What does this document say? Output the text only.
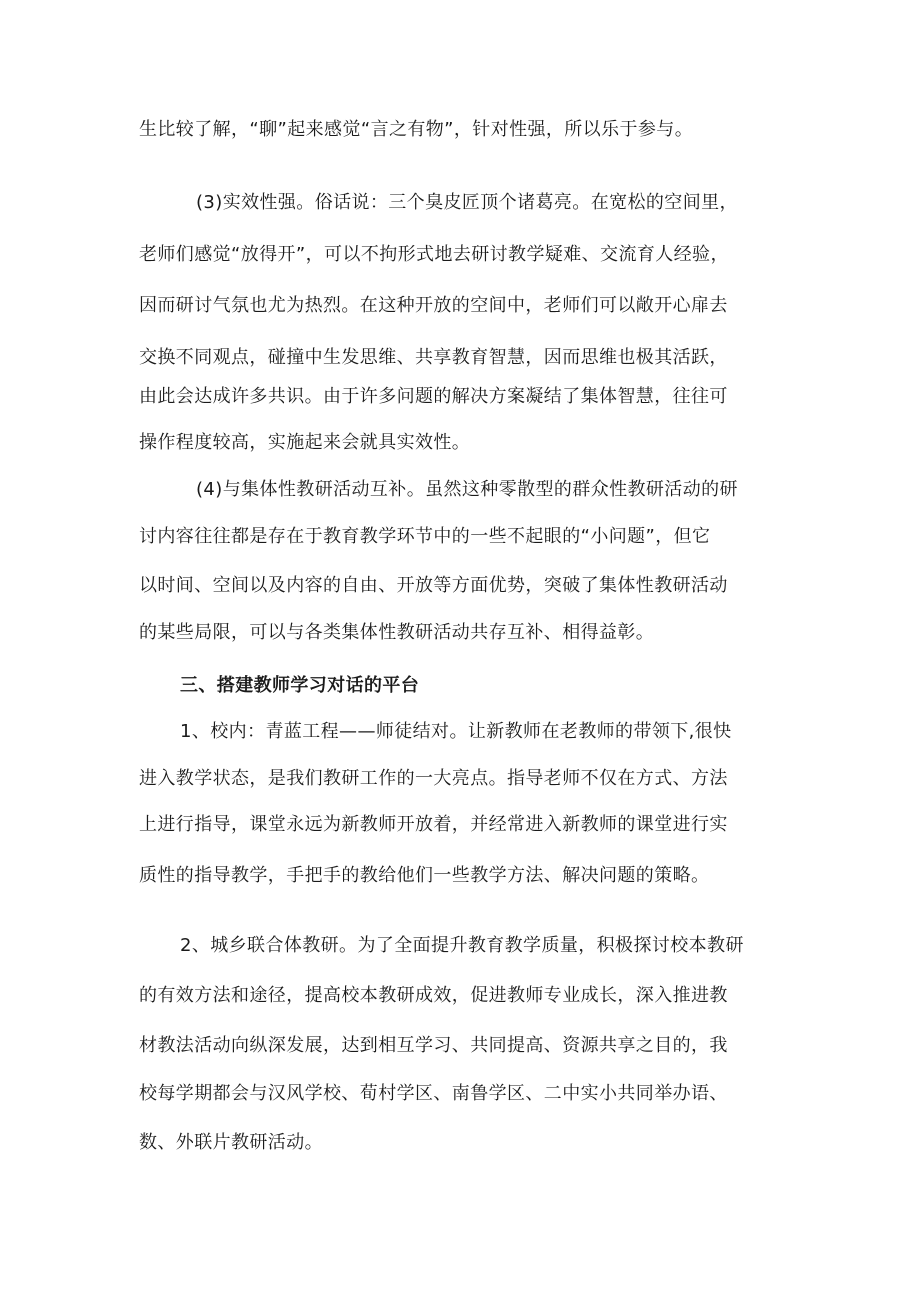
生比较了解，“聊”起来感觉“言之有物”，针对性强，所以乐于参与。
(3)实效性强。俗话说：三个臭皮匠顶个诸葛亮。在宽松的空间里，
老师们感觉“放得开”，可以不拘形式地去研讨教学疑难、交流育人经验，
因而研讨气氛也尤为热烈。在这种开放的空间中，老师们可以敞开心扉去
交换不同观点，碰撞中生发思维、共享教育智慧，因而思维也极其活跃，
由此会达成许多共识。由于许多问题的解决方案凝结了集体智慧，往往可
操作程度较高，实施起来会就具实效性。
(4)与集体性教研活动互补。虽然这种零散型的群众性教研活动的研
讨内容往往都是存在于教育教学环节中的一些不起眼的“小问题”，但它
以时间、空间以及内容的自由、开放等方面优势，突破了集体性教研活动
的某些局限，可以与各类集体性教研活动共存互补、相得益彰。
三、搭建教师学习对话的平台
1、校内：青蓝工程——师徒结对。让新教师在老教师的带领下,很快
进入教学状态，是我们教研工作的一大亮点。指导老师不仅在方式、方法
上进行指导，课堂永远为新教师开放着，并经常进入新教师的课堂进行实
质性的指导教学，手把手的教给他们一些教学方法、解决问题的策略。
2、城乡联合体教研。为了全面提升教育教学质量，积极探讨校本教研
的有效方法和途径，提高校本教研成效，促进教师专业成长，深入推进教
材教法活动向纵深发展，达到相互学习、共同提高、资源共享之目的，我
校每学期都会与汉风学校、荀村学区、南鲁学区、二中实小共同举办语、
数、外联片教研活动。
